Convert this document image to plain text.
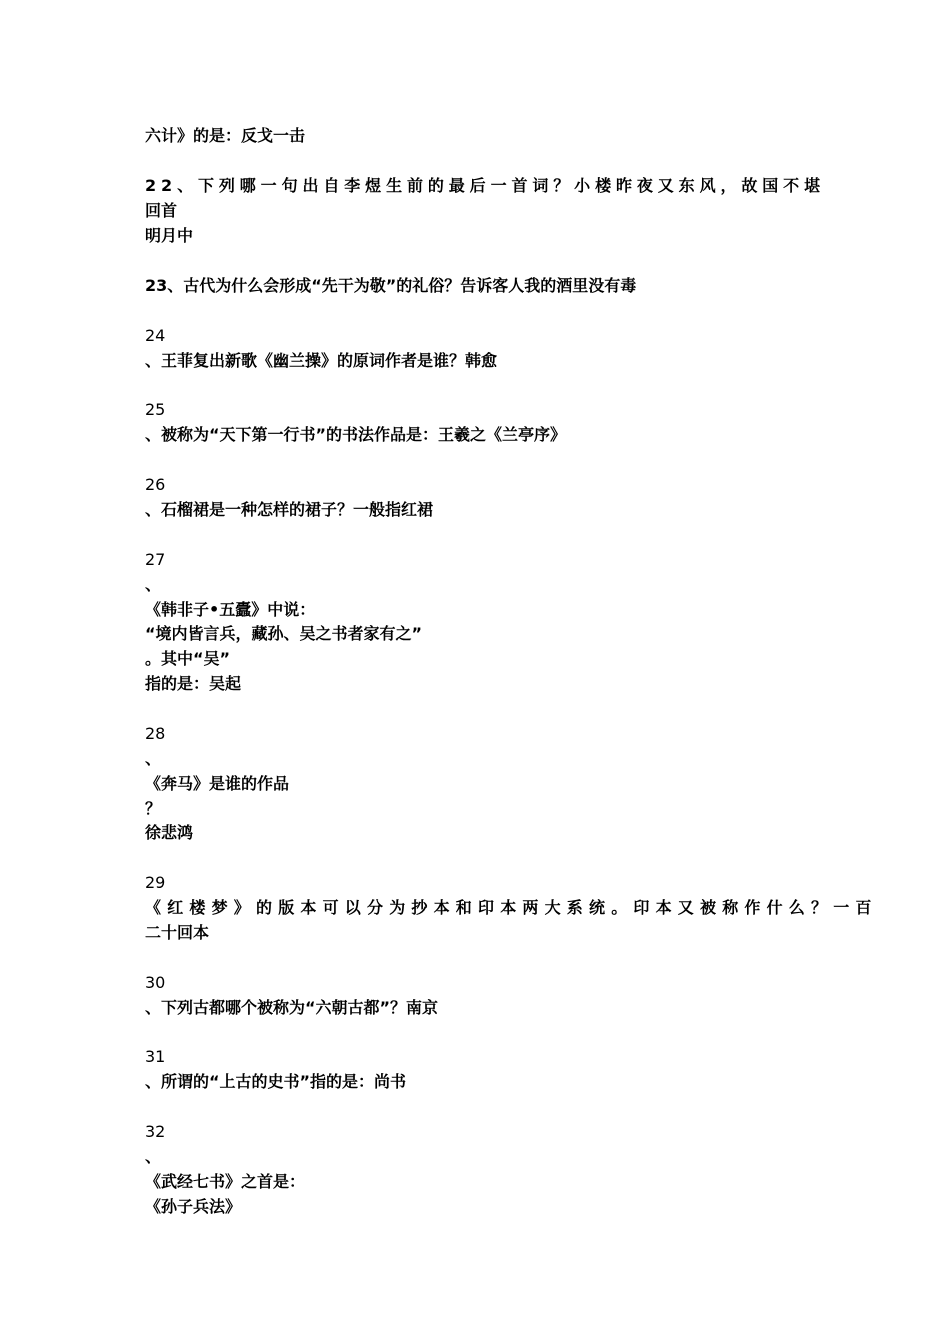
六计》的是：反戈一击
22、下列哪一句出自李煜生前的最后一首词？小楼昨夜又东风，故国不堪
回首
明月中
23、古代为什么会形成“先干为敬”的礼俗？告诉客人我的酒里没有毒
24
、王菲复出新歌《幽兰操》的原词作者是谁？韩愈
25
、被称为“天下第一行书”的书法作品是：王羲之《兰亭序》
26
、石榴裙是一种怎样的裙子？一般指红裙
27
、
《韩非子•五蠹》中说：
“境内皆言兵，藏孙、吴之书者家有之”
。其中“吴”
指的是：吴起
28
、
《奔马》是谁的作品
？
徐悲鸿
29
《红楼梦》的版本可以分为抄本和印本两大系统。印本又被称作什么？一百
二十回本
30
、下列古都哪个被称为“六朝古都”？南京
31
、所谓的“上古的史书”指的是：尚书
32
、
《武经七书》之首是：
《孙子兵法》
